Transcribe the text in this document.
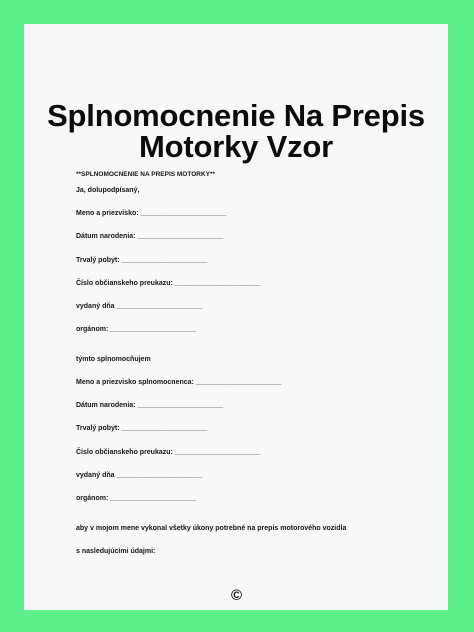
Splnomocnenie Na Prepis
Motorky Vzor
**SPLNOMOCNENIE NA PREPIS MOTORKY**
Ja, dolupodpísaný,
Meno a priezvisko: ______________________
Dátum narodenia: ______________________
Trvalý pobyt: ______________________
Číslo občianskeho preukazu: ______________________
vydaný dňa ______________________
orgánom: ______________________
týmto splnomocňujem
Meno a priezvisko splnomocnenca: ______________________
Dátum narodenia: ______________________
Trvalý pobyt: ______________________
Číslo občianskeho preukazu: ______________________
vydaný dňa ______________________
orgánom: ______________________
aby v mojom mene vykonal všetky úkony potrebné na prepis motorového vozidla
s nasledujúcimi údajmi:
©
